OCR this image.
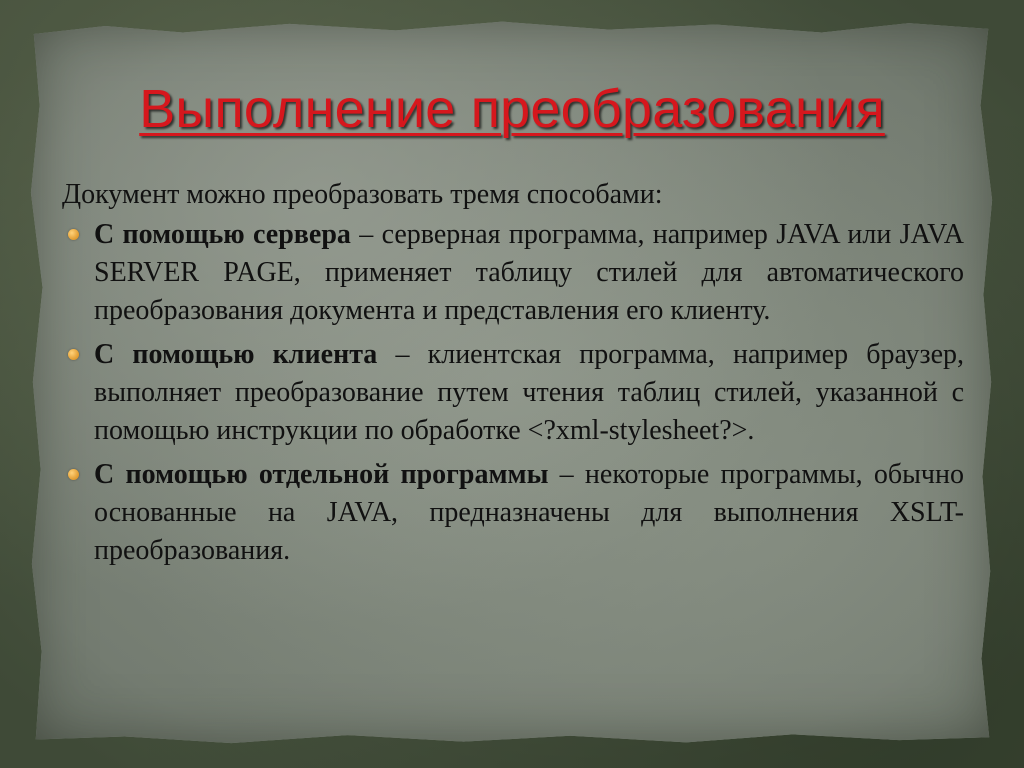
Выполнение преобразования

Документ можно преобразовать тремя способами:

С помощью сервера – серверная программа, например JAVA или JAVA SERVER PAGE, применяет таблицу стилей для автоматического преобразования документа и представления его клиенту.
С помощью клиента – клиентская программа, например браузер, выполняет преобразование путем чтения таблиц стилей, указанной с помощью инструкции по обработке <?xml-stylesheet?>.
С помощью отдельной программы – некоторые программы, обычно основанные на JAVA, предназначены для выполнения XSLT-преобразования.
